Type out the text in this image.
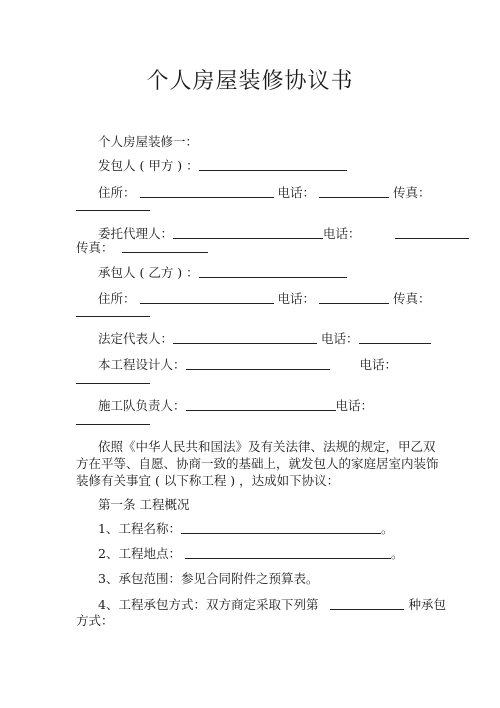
个人房屋装修协议书
个人房屋装修一：
发包人 ( 甲方 ) ：
住所：	电话：	传真：
委托代理人：	电话：
传真：
承包人 ( 乙方 ) ：
住所：	电话：	传真：
法定代表人：	电话：
本工程设计人：	电话：
施工队负责人：	电话：
依照《中华人民共和国法》及有关法律、法规的规定，甲乙双
方在平等、自愿、协商一致的基础上，就发包人的家庭居室内装饰
装修有关事宜 ( 以下称工程 ) ，达成如下协议：
第一条 工程概况
1、工程名称：	。
2、工程地点：	。
3、承包范围：参见合同附件之预算表。
4、工程承包方式：双方商定采取下列第	种承包
方式：
